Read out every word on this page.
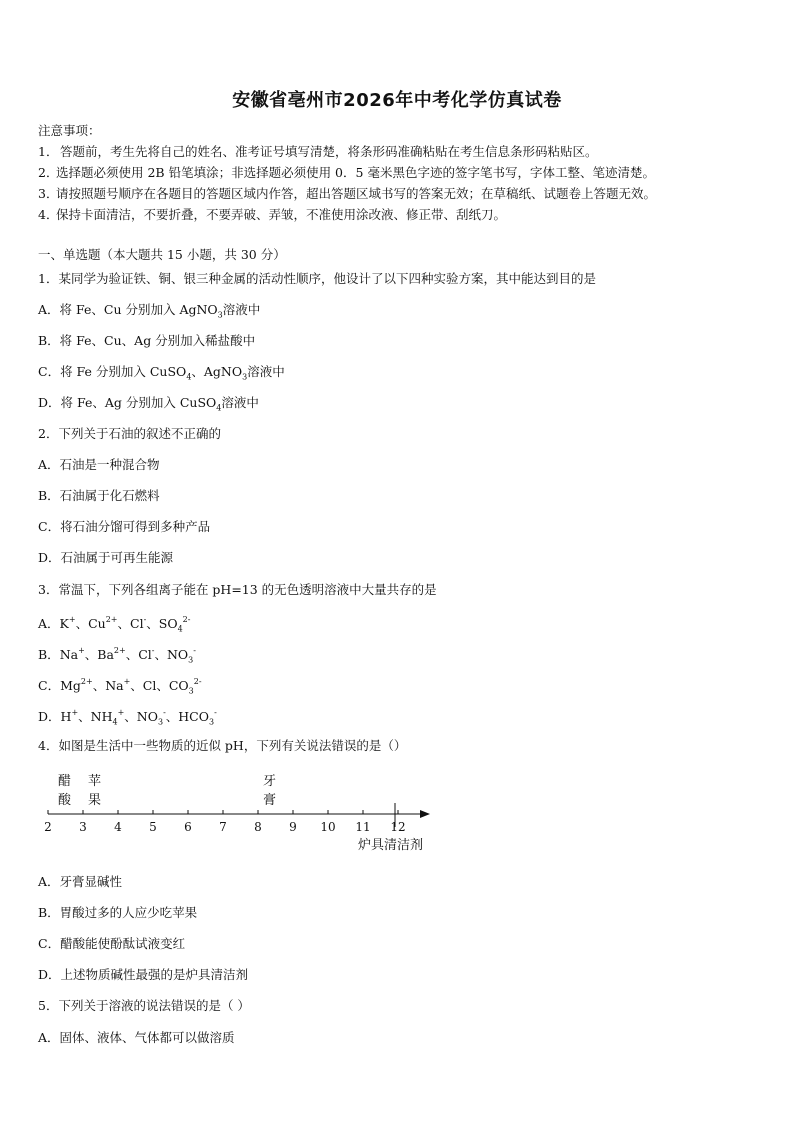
安徽省亳州市2026年中考化学仿真试卷
注意事项：
1． 答题前，考生先将自己的姓名、准考证号填写清楚，将条形码准确粘贴在考生信息条形码粘贴区。
2．选择题必须使用 2B 铅笔填涂；非选择题必须使用 0．5 毫米黑色字迹的签字笔书写，字体工整、笔迹清楚。
3．请按照题号顺序在各题目的答题区域内作答，超出答题区域书写的答案无效；在草稿纸、试题卷上答题无效。
4．保持卡面清洁，不要折叠，不要弄破、弄皱，不准使用涂改液、修正带、刮纸刀。
一、单选题（本大题共 15 小题，共 30 分）
1．某同学为验证铁、铜、银三种金属的活动性顺序，他设计了以下四种实验方案，其中能达到目的是
A．将 Fe、Cu 分别加入 AgNO$_3$溶液中
B．将 Fe、Cu、Ag 分别加入稀盐酸中
C．将 Fe 分别加入 CuSO$_4$、AgNO$_3$溶液中
D．将 Fe、Ag 分别加入 CuSO$_4$溶液中
2．下列关于石油的叙述不正确的
A．石油是一种混合物
B．石油属于化石燃料
C．将石油分馏可得到多种产品
D．石油属于可再生能源
3．常温下，下列各组离子能在 pH=13 的无色透明溶液中大量共存的是
A．K+、$Cu^{2+}$、Cl-、$SO_4^{2-}$
B．Na+、$Ba^{2+}$、Cl-、$NO_3^-$
C．$Mg^{2+}$、Na+、Cl、$CO_3^{2-}$
D．H+、$NH_4^+$、$NO_3^-$、$HCO_3^-$
4．如图是生活中一些物质的近似 pH，下列有关说法错误的是（）
醋
酸
苹
果
牙
膏
2 3 4 5 6 7 8 9 10 11 12
炉具清洁剂
A．牙膏显碱性
B．胃酸过多的人应少吃苹果
C．醋酸能使酚酞试液变红
D．上述物质碱性最强的是炉具清洁剂
5．下列关于溶液的说法错误的是（ ）
A．固体、液体、气体都可以做溶质
